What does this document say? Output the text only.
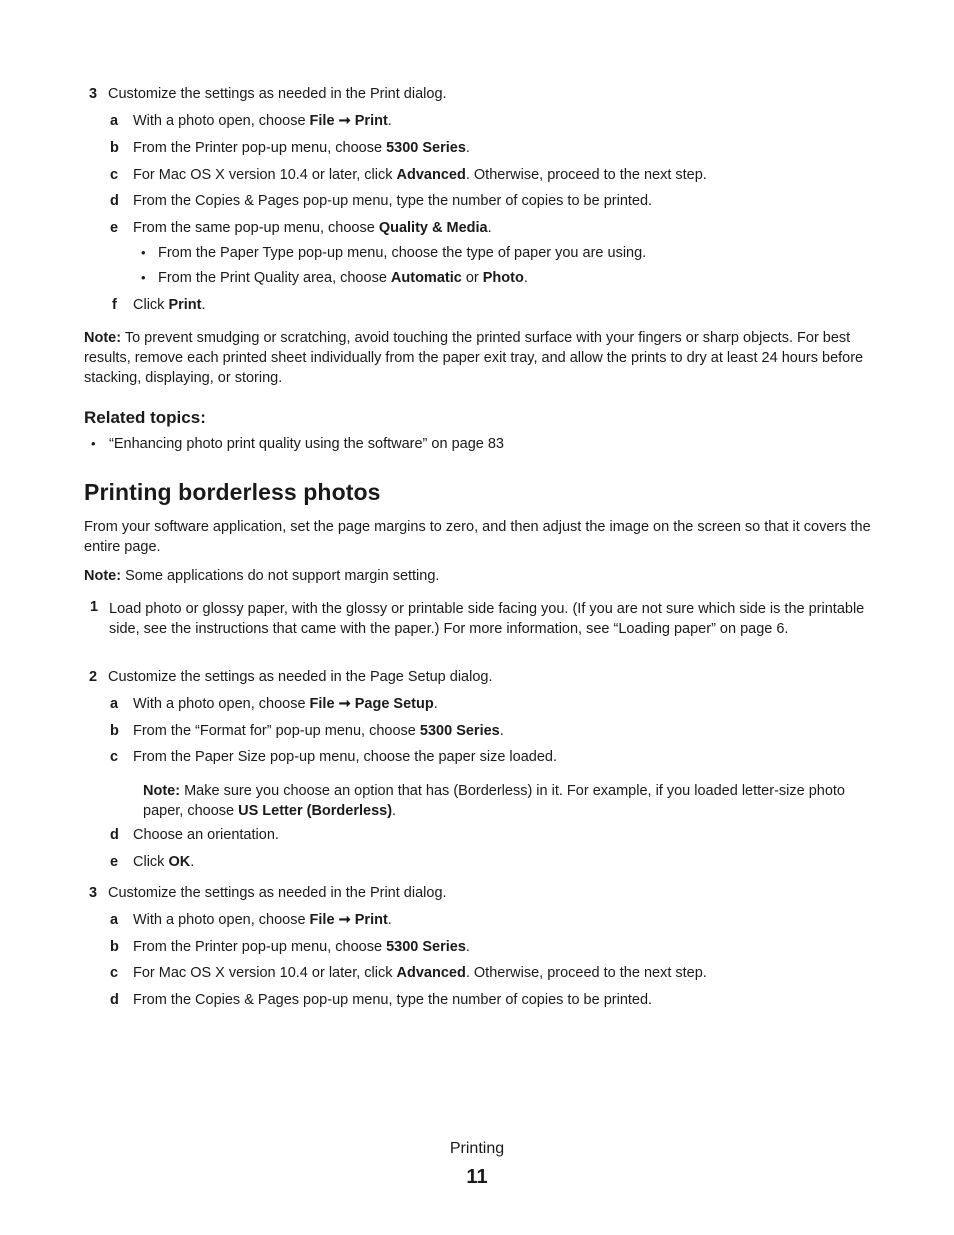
3 Customize the settings as needed in the Print dialog.
a With a photo open, choose File ➞ Print.
b From the Printer pop-up menu, choose 5300 Series.
c For Mac OS X version 10.4 or later, click Advanced. Otherwise, proceed to the next step.
d From the Copies & Pages pop-up menu, type the number of copies to be printed.
e From the same pop-up menu, choose Quality & Media.
• From the Paper Type pop-up menu, choose the type of paper you are using.
• From the Print Quality area, choose Automatic or Photo.
f Click Print.
Note: To prevent smudging or scratching, avoid touching the printed surface with your fingers or sharp objects. For best results, remove each printed sheet individually from the paper exit tray, and allow the prints to dry at least 24 hours before stacking, displaying, or storing.
Related topics:
• “Enhancing photo print quality using the software” on page 83
Printing borderless photos
From your software application, set the page margins to zero, and then adjust the image on the screen so that it covers the entire page.
Note: Some applications do not support margin setting.
1 Load photo or glossy paper, with the glossy or printable side facing you. (If you are not sure which side is the printable side, see the instructions that came with the paper.) For more information, see “Loading paper” on page 6.
2 Customize the settings as needed in the Page Setup dialog.
a With a photo open, choose File ➞ Page Setup.
b From the “Format for” pop-up menu, choose 5300 Series.
c From the Paper Size pop-up menu, choose the paper size loaded.
Note: Make sure you choose an option that has (Borderless) in it. For example, if you loaded letter-size photo paper, choose US Letter (Borderless).
d Choose an orientation.
e Click OK.
3 Customize the settings as needed in the Print dialog.
a With a photo open, choose File ➞ Print.
b From the Printer pop-up menu, choose 5300 Series.
c For Mac OS X version 10.4 or later, click Advanced. Otherwise, proceed to the next step.
d From the Copies & Pages pop-up menu, type the number of copies to be printed.
Printing
11
